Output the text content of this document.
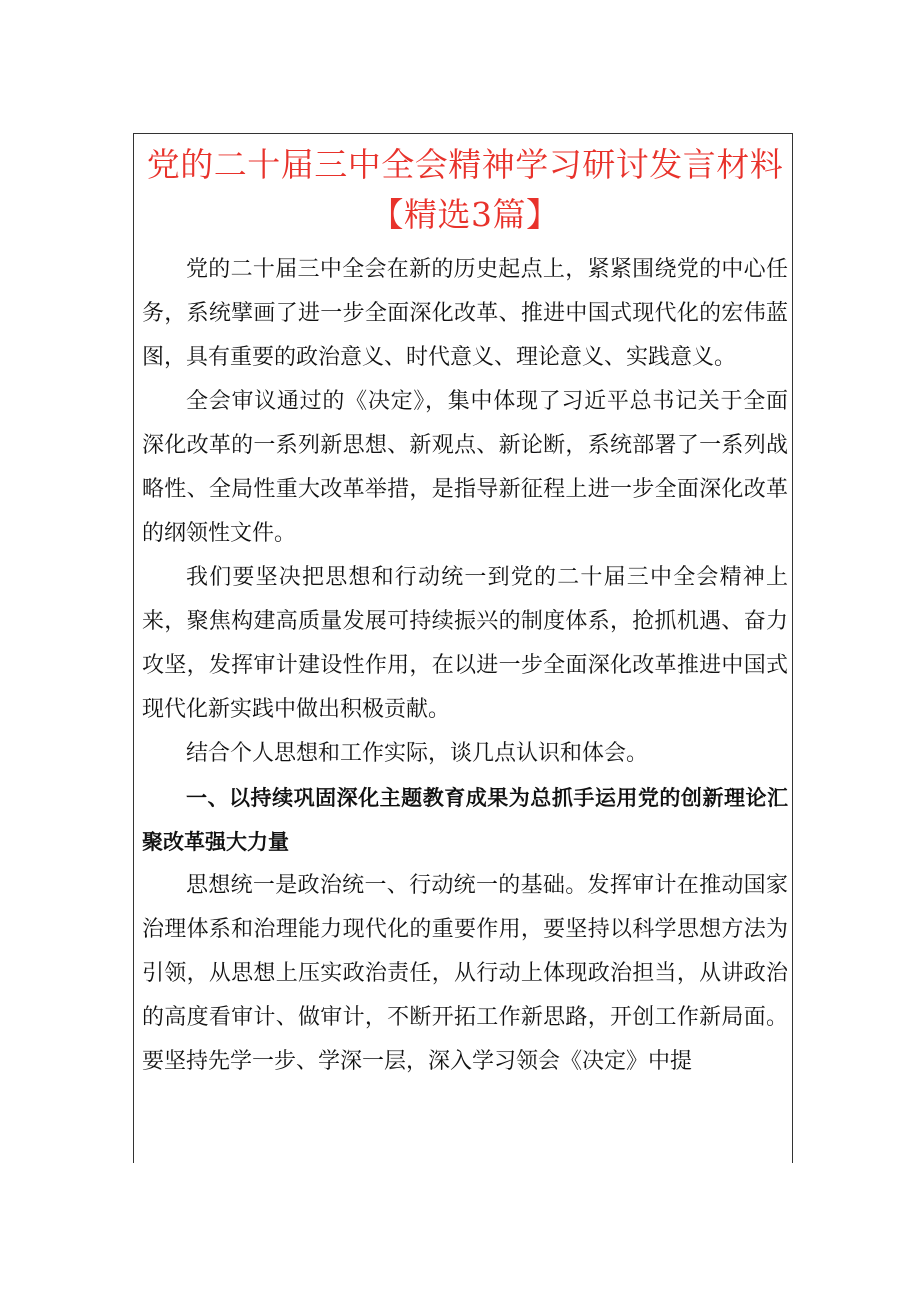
党的二十届三中全会精神学习研讨发言材料【精选3篇】

党的二十届三中全会在新的历史起点上，紧紧围绕党的中心任务，系统擘画了进一步全面深化改革、推进中国式现代化的宏伟蓝图，具有重要的政治意义、时代意义、理论意义、实践意义。

全会审议通过的《决定》，集中体现了习近平总书记关于全面深化改革的一系列新思想、新观点、新论断，系统部署了一系列战略性、全局性重大改革举措，是指导新征程上进一步全面深化改革的纲领性文件。

我们要坚决把思想和行动统一到党的二十届三中全会精神上来，聚焦构建高质量发展可持续振兴的制度体系，抢抓机遇、奋力攻坚，发挥审计建设性作用，在以进一步全面深化改革推进中国式现代化新实践中做出积极贡献。

结合个人思想和工作实际，谈几点认识和体会。

一、以持续巩固深化主题教育成果为总抓手运用党的创新理论汇聚改革强大力量

思想统一是政治统一、行动统一的基础。发挥审计在推动国家治理体系和治理能力现代化的重要作用，要坚持以科学思想方法为引领，从思想上压实政治责任，从行动上体现政治担当，从讲政治的高度看审计、做审计，不断开拓工作新思路，开创工作新局面。要坚持先学一步、学深一层，深入学习领会《决定》中提
